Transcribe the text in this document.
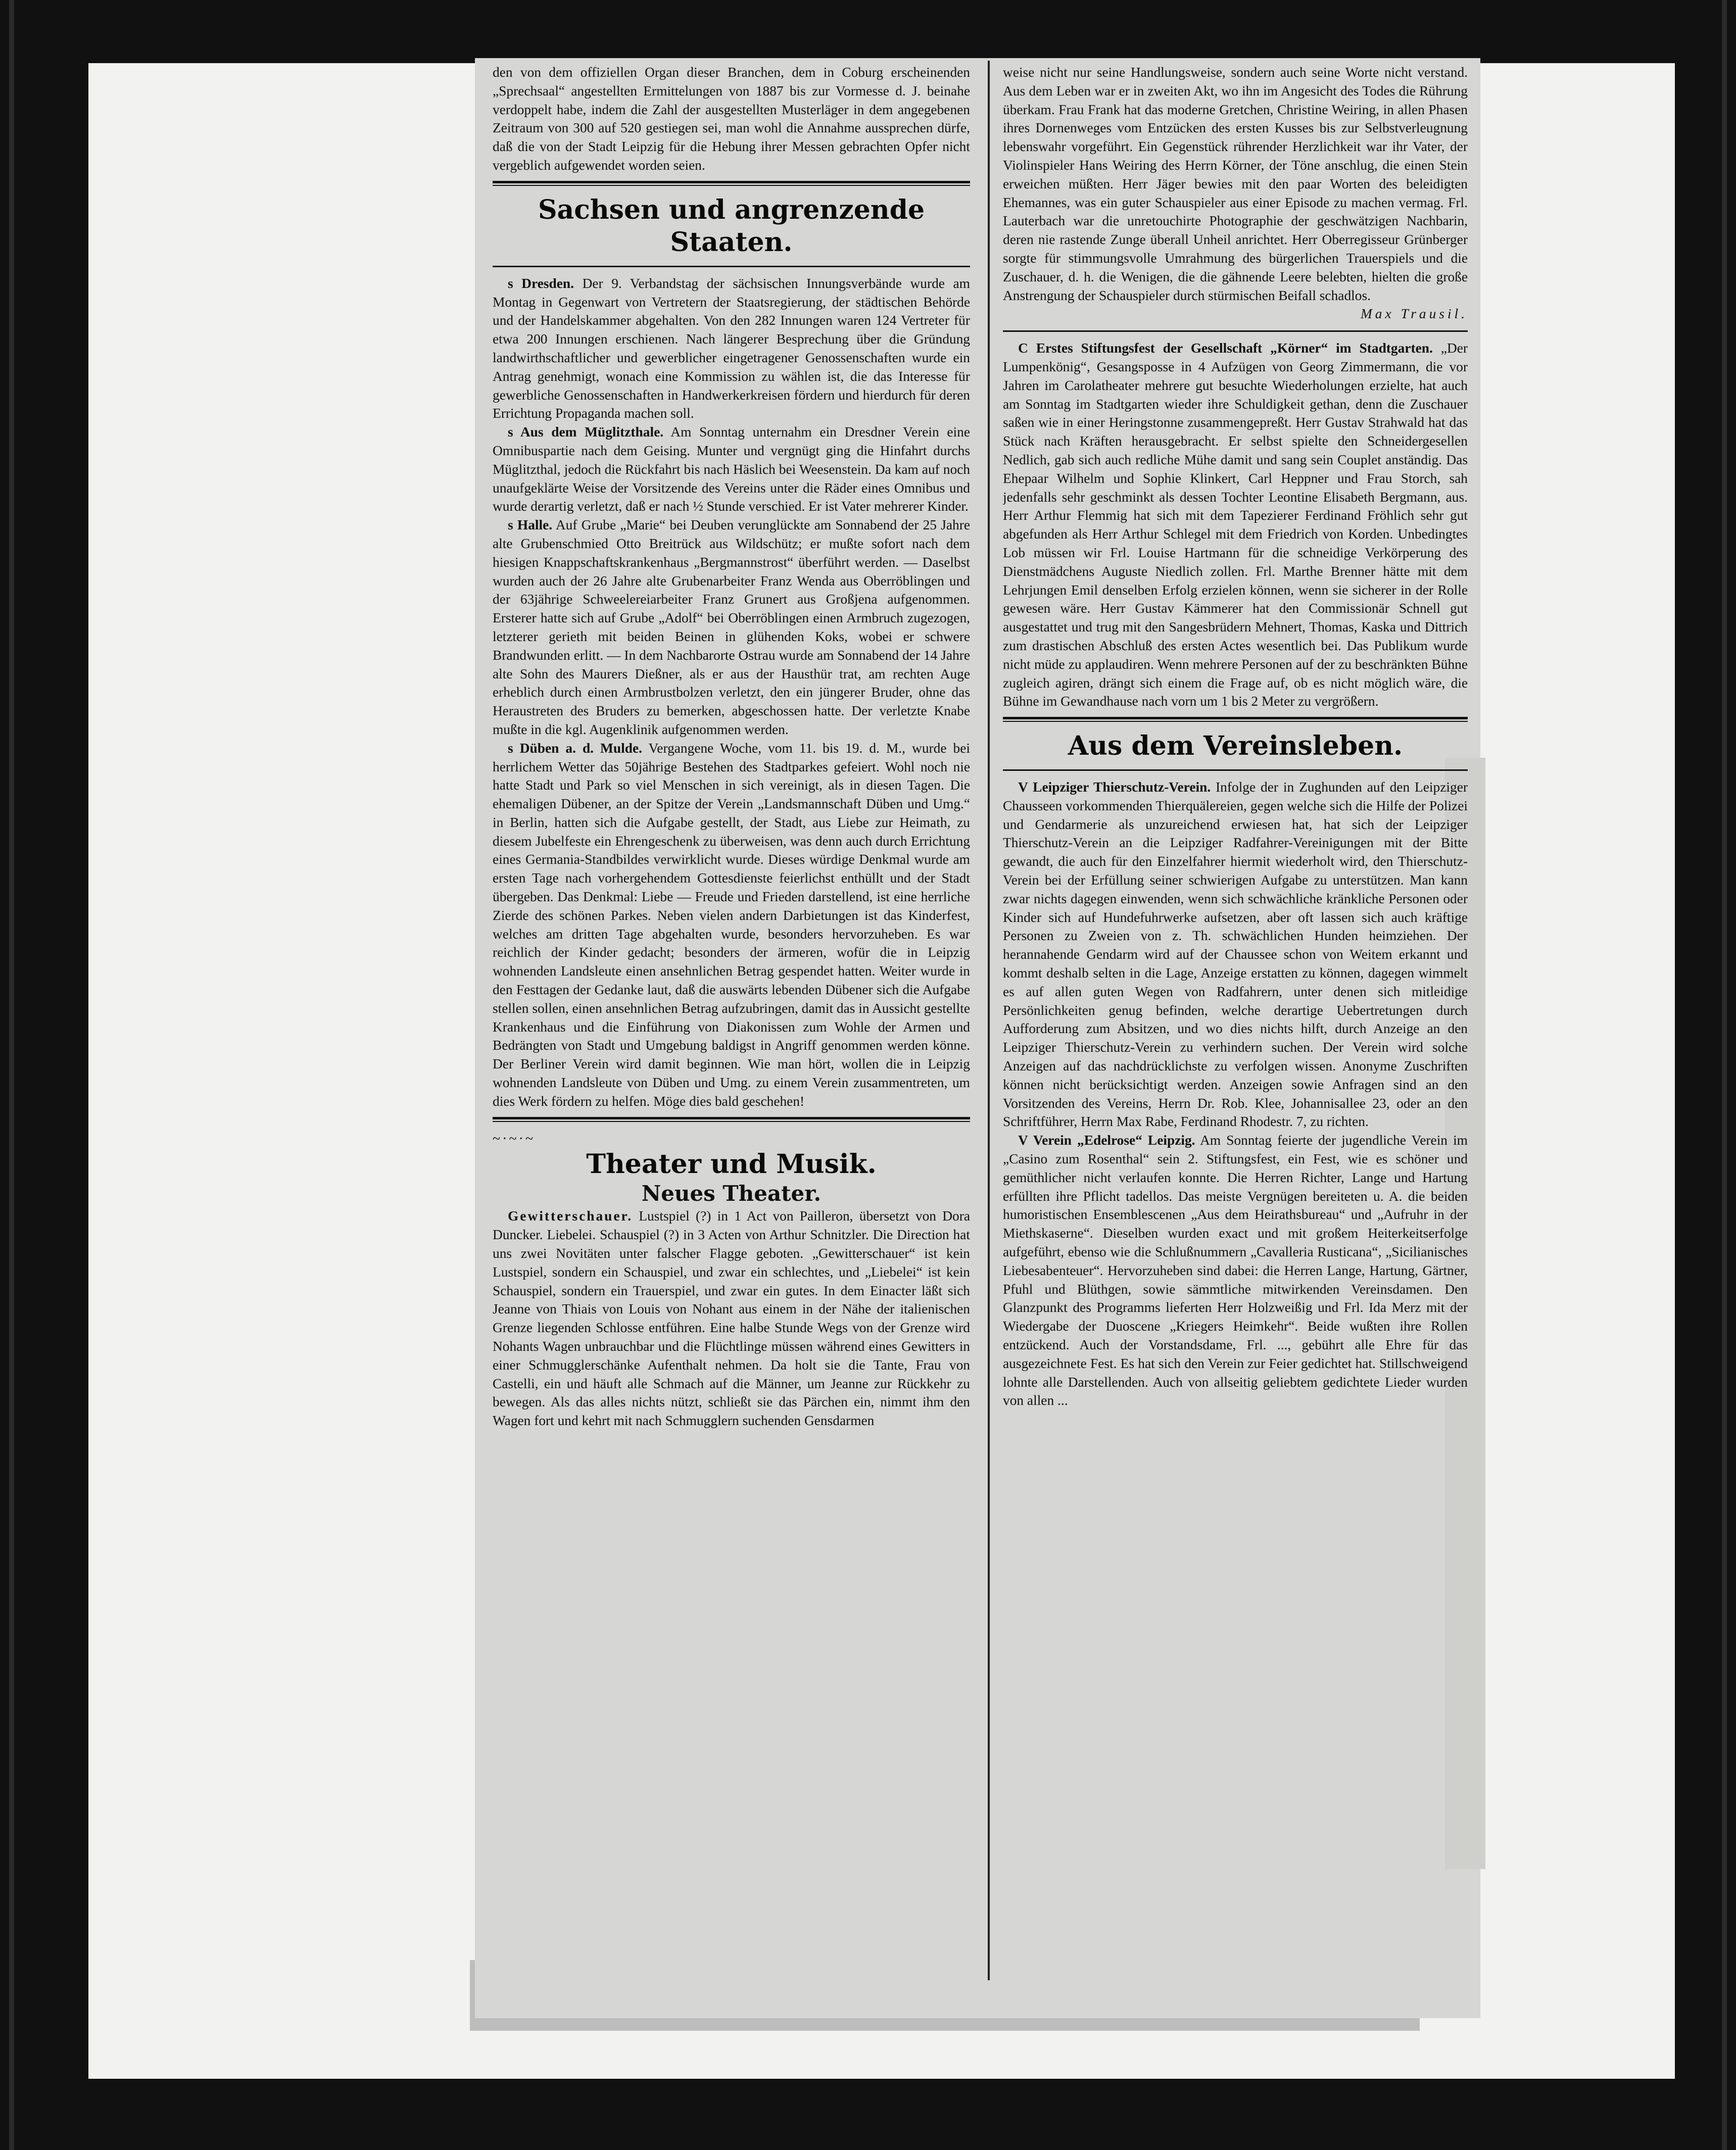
den von dem offiziellen Organ dieser Branchen, dem in Coburg erscheinenden „Sprechsaal“ angestellten Ermittelungen von 1887 bis zur Vormesse d. J. beinahe verdoppelt habe, indem die Zahl der ausgestellten Musterläger in dem angegebenen Zeitraum von 300 auf 520 gestiegen sei, man wohl die Annahme aussprechen dürfe, daß die von der Stadt Leipzig für die Hebung ihrer Messen gebrachten Opfer nicht vergeblich aufgewendet worden seien.

Sachsen und angrenzende Staaten.

s Dresden. Der 9. Verbandstag der sächsischen Innungsverbände wurde am Montag in Gegenwart von Vertretern der Staatsregierung, der städtischen Behörde und der Handelskammer abgehalten. Von den 282 Innungen waren 124 Vertreter für etwa 200 Innungen erschienen. Nach längerer Besprechung über die Gründung landwirthschaftlicher und gewerblicher eingetragener Genossenschaften wurde ein Antrag genehmigt, wonach eine Kommission zu wählen ist, die das Interesse für gewerbliche Genossenschaften in Handwerkerkreisen fördern und hierdurch für deren Errichtung Propaganda machen soll.

s Aus dem Müglitzthale. Am Sonntag unternahm ein Dresdner Verein eine Omnibuspartie nach dem Geising. Munter und vergnügt ging die Hinfahrt durchs Müglitzthal, jedoch die Rückfahrt bis nach Häslich bei Weesenstein. Da kam auf noch unaufgeklärte Weise der Vorsitzende des Vereins unter die Räder eines Omnibus und wurde derartig verletzt, daß er nach ½ Stunde verschied. Er ist Vater mehrerer Kinder.

s Halle. Auf Grube „Marie“ bei Deuben verunglückte am Sonnabend der 25 Jahre alte Grubenschmied Otto Breitrück aus Wildschütz; er mußte sofort nach dem hiesigen Knappschaftskrankenhaus „Bergmannstrost“ überführt werden. — Daselbst wurden auch der 26 Jahre alte Grubenarbeiter Franz Wenda aus Oberröblingen und der 63jährige Schweelereiarbeiter Franz Grunert aus Großjena aufgenommen. Ersterer hatte sich auf Grube „Adolf“ bei Oberröblingen einen Armbruch zugezogen, letzterer gerieth mit beiden Beinen in glühenden Koks, wobei er schwere Brandwunden erlitt. — In dem Nachbarorte Ostrau wurde am Sonnabend der 14 Jahre alte Sohn des Maurers Dießner, als er aus der Hausthür trat, am rechten Auge erheblich durch einen Armbrustbolzen verletzt, den ein jüngerer Bruder, ohne das Heraustreten des Bruders zu bemerken, abgeschossen hatte. Der verletzte Knabe mußte in die kgl. Augenklinik aufgenommen werden.

s Düben a. d. Mulde. Vergangene Woche, vom 11. bis 19. d. M., wurde bei herrlichem Wetter das 50jährige Bestehen des Stadtparkes gefeiert. Wohl noch nie hatte Stadt und Park so viel Menschen in sich vereinigt, als in diesen Tagen. Die ehemaligen Dübener, an der Spitze der Verein „Landsmannschaft Düben und Umg.“ in Berlin, hatten sich die Aufgabe gestellt, der Stadt, aus Liebe zur Heimath, zu diesem Jubelfeste ein Ehrengeschenk zu überweisen, was denn auch durch Errichtung eines Germania-Standbildes verwirklicht wurde. Dieses würdige Denkmal wurde am ersten Tage nach vorhergehendem Gottesdienste feierlichst enthüllt und der Stadt übergeben. Das Denkmal: Liebe — Freude und Frieden darstellend, ist eine herrliche Zierde des schönen Parkes. Neben vielen andern Darbietungen ist das Kinderfest, welches am dritten Tage abgehalten wurde, besonders hervorzuheben. Es war reichlich der Kinder gedacht; besonders der ärmeren, wofür die in Leipzig wohnenden Landsleute einen ansehnlichen Betrag gespendet hatten. Weiter wurde in den Festtagen der Gedanke laut, daß die auswärts lebenden Dübener sich die Aufgabe stellen sollen, einen ansehnlichen Betrag aufzubringen, damit das in Aussicht gestellte Krankenhaus und die Einführung von Diakonissen zum Wohle der Armen und Bedrängten von Stadt und Umgebung baldigst in Angriff genommen werden könne. Der Berliner Verein wird damit beginnen. Wie man hört, wollen die in Leipzig wohnenden Landsleute von Düben und Umg. zu einem Verein zusammentreten, um dies Werk fördern zu helfen. Möge dies bald geschehen!

~·~·~
Theater und Musik.
Neues Theater.

Gewitterschauer. Lustspiel (?) in 1 Act von Pailleron, übersetzt von Dora Duncker. Liebelei. Schauspiel (?) in 3 Acten von Arthur Schnitzler. Die Direction hat uns zwei Novitäten unter falscher Flagge geboten. „Gewitterschauer“ ist kein Lustspiel, sondern ein Schauspiel, und zwar ein schlechtes, und „Liebelei“ ist kein Schauspiel, sondern ein Trauerspiel, und zwar ein gutes. In dem Einacter läßt sich Jeanne von Thiais von Louis von Nohant aus einem in der Nähe der italienischen Grenze liegenden Schlosse entführen. Eine halbe Stunde Wegs von der Grenze wird Nohants Wagen unbrauchbar und die Flüchtlinge müssen während eines Gewitters in einer Schmugglerschänke Aufenthalt nehmen. Da holt sie die Tante, Frau von Castelli, ein und häuft alle Schmach auf die Männer, um Jeanne zur Rückkehr zu bewegen. Als das alles nichts nützt, schließt sie das Pärchen ein, nimmt ihm den Wagen fort und kehrt mit nach Schmugglern suchenden Gensdarmen

weise nicht nur seine Handlungsweise, sondern auch seine Worte nicht verstand. Aus dem Leben war er in zweiten Akt, wo ihn im Angesicht des Todes die Rührung überkam. Frau Frank hat das moderne Gretchen, Christine Weiring, in allen Phasen ihres Dornenweges vom Entzücken des ersten Kusses bis zur Selbstverleugnung lebenswahr vorgeführt. Ein Gegenstück rührender Herzlichkeit war ihr Vater, der Violinspieler Hans Weiring des Herrn Körner, der Töne anschlug, die einen Stein erweichen müßten. Herr Jäger bewies mit den paar Worten des beleidigten Ehemannes, was ein guter Schauspieler aus einer Episode zu machen vermag. Frl. Lauterbach war die unretouchirte Photographie der geschwätzigen Nachbarin, deren nie rastende Zunge überall Unheil anrichtet. Herr Oberregisseur Grünberger sorgte für stimmungsvolle Umrahmung des bürgerlichen Trauerspiels und die Zuschauer, d. h. die Wenigen, die die gähnende Leere belebten, hielten die große Anstrengung der Schauspieler durch stürmischen Beifall schadlos.

Max Trausil.

C Erstes Stiftungsfest der Gesellschaft „Körner“ im Stadtgarten. „Der Lumpenkönig“, Gesangsposse in 4 Aufzügen von Georg Zimmermann, die vor Jahren im Carolatheater mehrere gut besuchte Wiederholungen erzielte, hat auch am Sonntag im Stadtgarten wieder ihre Schuldigkeit gethan, denn die Zuschauer saßen wie in einer Heringstonne zusammengepreßt. Herr Gustav Strahwald hat das Stück nach Kräften herausgebracht. Er selbst spielte den Schneidergesellen Nedlich, gab sich auch redliche Mühe damit und sang sein Couplet anständig. Das Ehepaar Wilhelm und Sophie Klinkert, Carl Heppner und Frau Storch, sah jedenfalls sehr geschminkt als dessen Tochter Leontine Elisabeth Bergmann, aus. Herr Arthur Flemmig hat sich mit dem Tapezierer Ferdinand Fröhlich sehr gut abgefunden als Herr Arthur Schlegel mit dem Friedrich von Korden. Unbedingtes Lob müssen wir Frl. Louise Hartmann für die schneidige Verkörperung des Dienstmädchens Auguste Niedlich zollen. Frl. Marthe Brenner hätte mit dem Lehrjungen Emil denselben Erfolg erzielen können, wenn sie sicherer in der Rolle gewesen wäre. Herr Gustav Kämmerer hat den Commissionär Schnell gut ausgestattet und trug mit den Sangesbrüdern Mehnert, Thomas, Kaska und Dittrich zum drastischen Abschluß des ersten Actes wesentlich bei. Das Publikum wurde nicht müde zu applaudiren. Wenn mehrere Personen auf der zu beschränkten Bühne zugleich agiren, drängt sich einem die Frage auf, ob es nicht möglich wäre, die Bühne im Gewandhause nach vorn um 1 bis 2 Meter zu vergrößern.

Aus dem Vereinsleben.

V Leipziger Thierschutz-Verein. Infolge der in Zughunden auf den Leipziger Chausseen vorkommenden Thierquälereien, gegen welche sich die Hilfe der Polizei und Gendarmerie als unzureichend erwiesen hat, hat sich der Leipziger Thierschutz-Verein an die Leipziger Radfahrer-Vereinigungen mit der Bitte gewandt, die auch für den Einzelfahrer hiermit wiederholt wird, den Thierschutz-Verein bei der Erfüllung seiner schwierigen Aufgabe zu unterstützen. Man kann zwar nichts dagegen einwenden, wenn sich schwächliche kränkliche Personen oder Kinder sich auf Hundefuhrwerke aufsetzen, aber oft lassen sich auch kräftige Personen zu Zweien von z. Th. schwächlichen Hunden heimziehen. Der herannahende Gendarm wird auf der Chaussee schon von Weitem erkannt und kommt deshalb selten in die Lage, Anzeige erstatten zu können, dagegen wimmelt es auf allen guten Wegen von Radfahrern, unter denen sich mitleidige Persönlichkeiten genug befinden, welche derartige Uebertretungen durch Aufforderung zum Absitzen, und wo dies nichts hilft, durch Anzeige an den Leipziger Thierschutz-Verein zu verhindern suchen. Der Verein wird solche Anzeigen auf das nachdrücklichste zu verfolgen wissen. Anonyme Zuschriften können nicht berücksichtigt werden. Anzeigen sowie Anfragen sind an den Vorsitzenden des Vereins, Herrn Dr. Rob. Klee, Johannisallee 23, oder an den Schriftführer, Herrn Max Rabe, Ferdinand Rhodestr. 7, zu richten.

V Verein „Edelrose“ Leipzig. Am Sonntag feierte der jugendliche Verein im „Casino zum Rosenthal“ sein 2. Stiftungsfest, ein Fest, wie es schöner und gemüthlicher nicht verlaufen konnte. Die Herren Richter, Lange und Hartung erfüllten ihre Pflicht tadellos. Das meiste Vergnügen bereiteten u. A. die beiden humoristischen Ensemblescenen „Aus dem Heirathsbureau“ und „Aufruhr in der Miethskaserne“. Dieselben wurden exact und mit großem Heiterkeitserfolge aufgeführt, ebenso wie die Schlußnummern „Cavalleria Rusticana“, „Sicilianisches Liebesabenteuer“. Hervorzuheben sind dabei: die Herren Lange, Hartung, Gärtner, Pfuhl und Blüthgen, sowie sämmtliche mitwirkenden Vereinsdamen. Den Glanzpunkt des Programms lieferten Herr Holzweißig und Frl. Ida Merz mit der Wiedergabe der Duoscene „Kriegers Heimkehr“. Beide wußten ihre Rollen entzückend. Auch der Vorstandsdame, Frl. ..., gebührt alle Ehre für das ausgezeichnete Fest. Es hat sich den Verein zur Feier gedichtet hat. Stillschweigend lohnte alle Darstellenden. Auch von allseitig geliebtem gedichtete Lieder wurden von allen ...
